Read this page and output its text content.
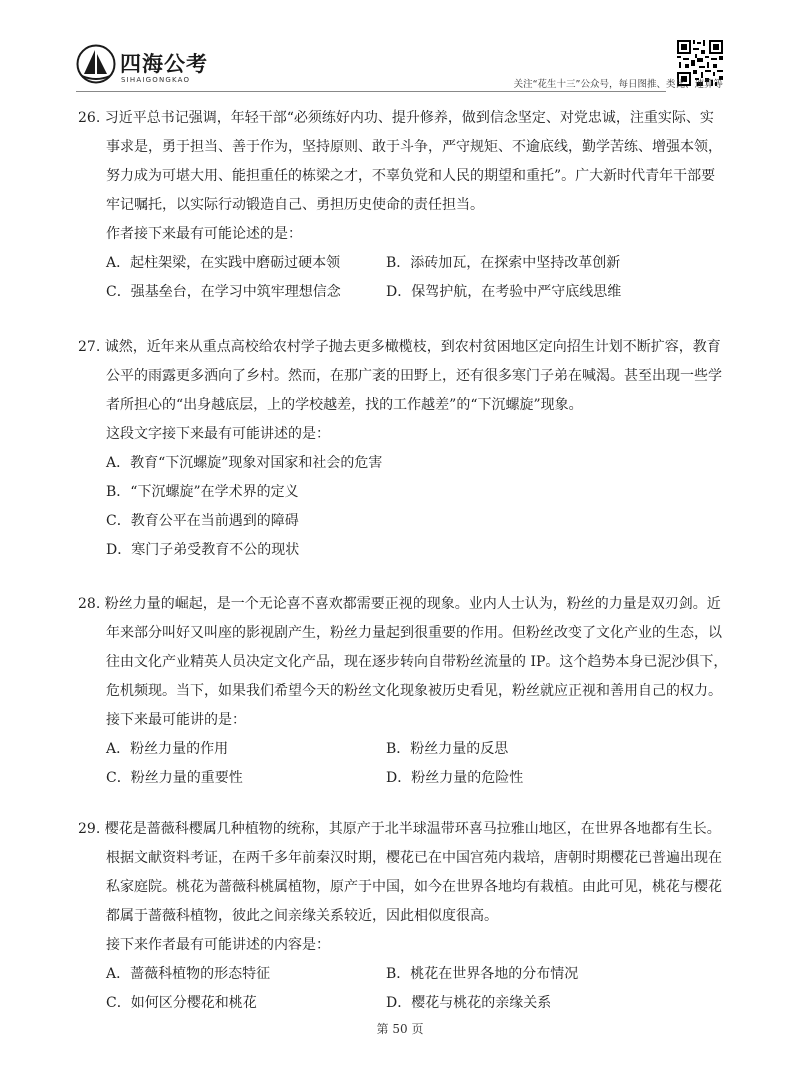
四海公考
SIHAIGONGKAO	关注“花生十三”公众号，每日图推、类比、速算等

26. 习近平总书记强调，年轻干部“必须练好内功、提升修养，做到信念坚定、对党忠诚，注重实际、实

事求是，勇于担当、善于作为，坚持原则、敢于斗争，严守规矩、不逾底线，勤学苦练、增强本领，

努力成为可堪大用、能担重任的栋梁之才，不辜负党和人民的期望和重托”。广大新时代青年干部要

牢记嘱托，以实际行动锻造自己、勇担历史使命的责任担当。

作者接下来最有可能论述的是：

A．起柱架梁，在实践中磨砺过硬本领	B．添砖加瓦，在探索中坚持改革创新
C．强基垒台，在学习中筑牢理想信念	D．保驾护航，在考验中严守底线思维

27. 诚然，近年来从重点高校给农村学子抛去更多橄榄枝，到农村贫困地区定向招生计划不断扩容，教育

公平的雨露更多洒向了乡村。然而，在那广袤的田野上，还有很多寒门子弟在喊渴。甚至出现一些学

者所担心的“出身越底层，上的学校越差，找的工作越差”的“下沉螺旋”现象。

这段文字接下来最有可能讲述的是：

A．教育“下沉螺旋”现象对国家和社会的危害
B．“下沉螺旋”在学术界的定义
C．教育公平在当前遇到的障碍
D．寒门子弟受教育不公的现状

28. 粉丝力量的崛起，是一个无论喜不喜欢都需要正视的现象。业内人士认为，粉丝的力量是双刃剑。近

年来部分叫好又叫座的影视剧产生，粉丝力量起到很重要的作用。但粉丝改变了文化产业的生态，以

往由文化产业精英人员决定文化产品，现在逐步转向自带粉丝流量的 IP。这个趋势本身已泥沙俱下，

危机频现。当下，如果我们希望今天的粉丝文化现象被历史看见，粉丝就应正视和善用自己的权力。

接下来最可能讲的是：

A．粉丝力量的作用	B．粉丝力量的反思
C．粉丝力量的重要性	D．粉丝力量的危险性

29. 樱花是蔷薇科樱属几种植物的统称，其原产于北半球温带环喜马拉雅山地区，在世界各地都有生长。

根据文献资料考证，在两千多年前秦汉时期，樱花已在中国宫苑内栽培，唐朝时期樱花已普遍出现在

私家庭院。桃花为蔷薇科桃属植物，原产于中国，如今在世界各地均有栽植。由此可见，桃花与樱花

都属于蔷薇科植物，彼此之间亲缘关系较近，因此相似度很高。

接下来作者最有可能讲述的内容是：

A．蔷薇科植物的形态特征	B．桃花在世界各地的分布情况
C．如何区分樱花和桃花	D．樱花与桃花的亲缘关系
第 50 页
